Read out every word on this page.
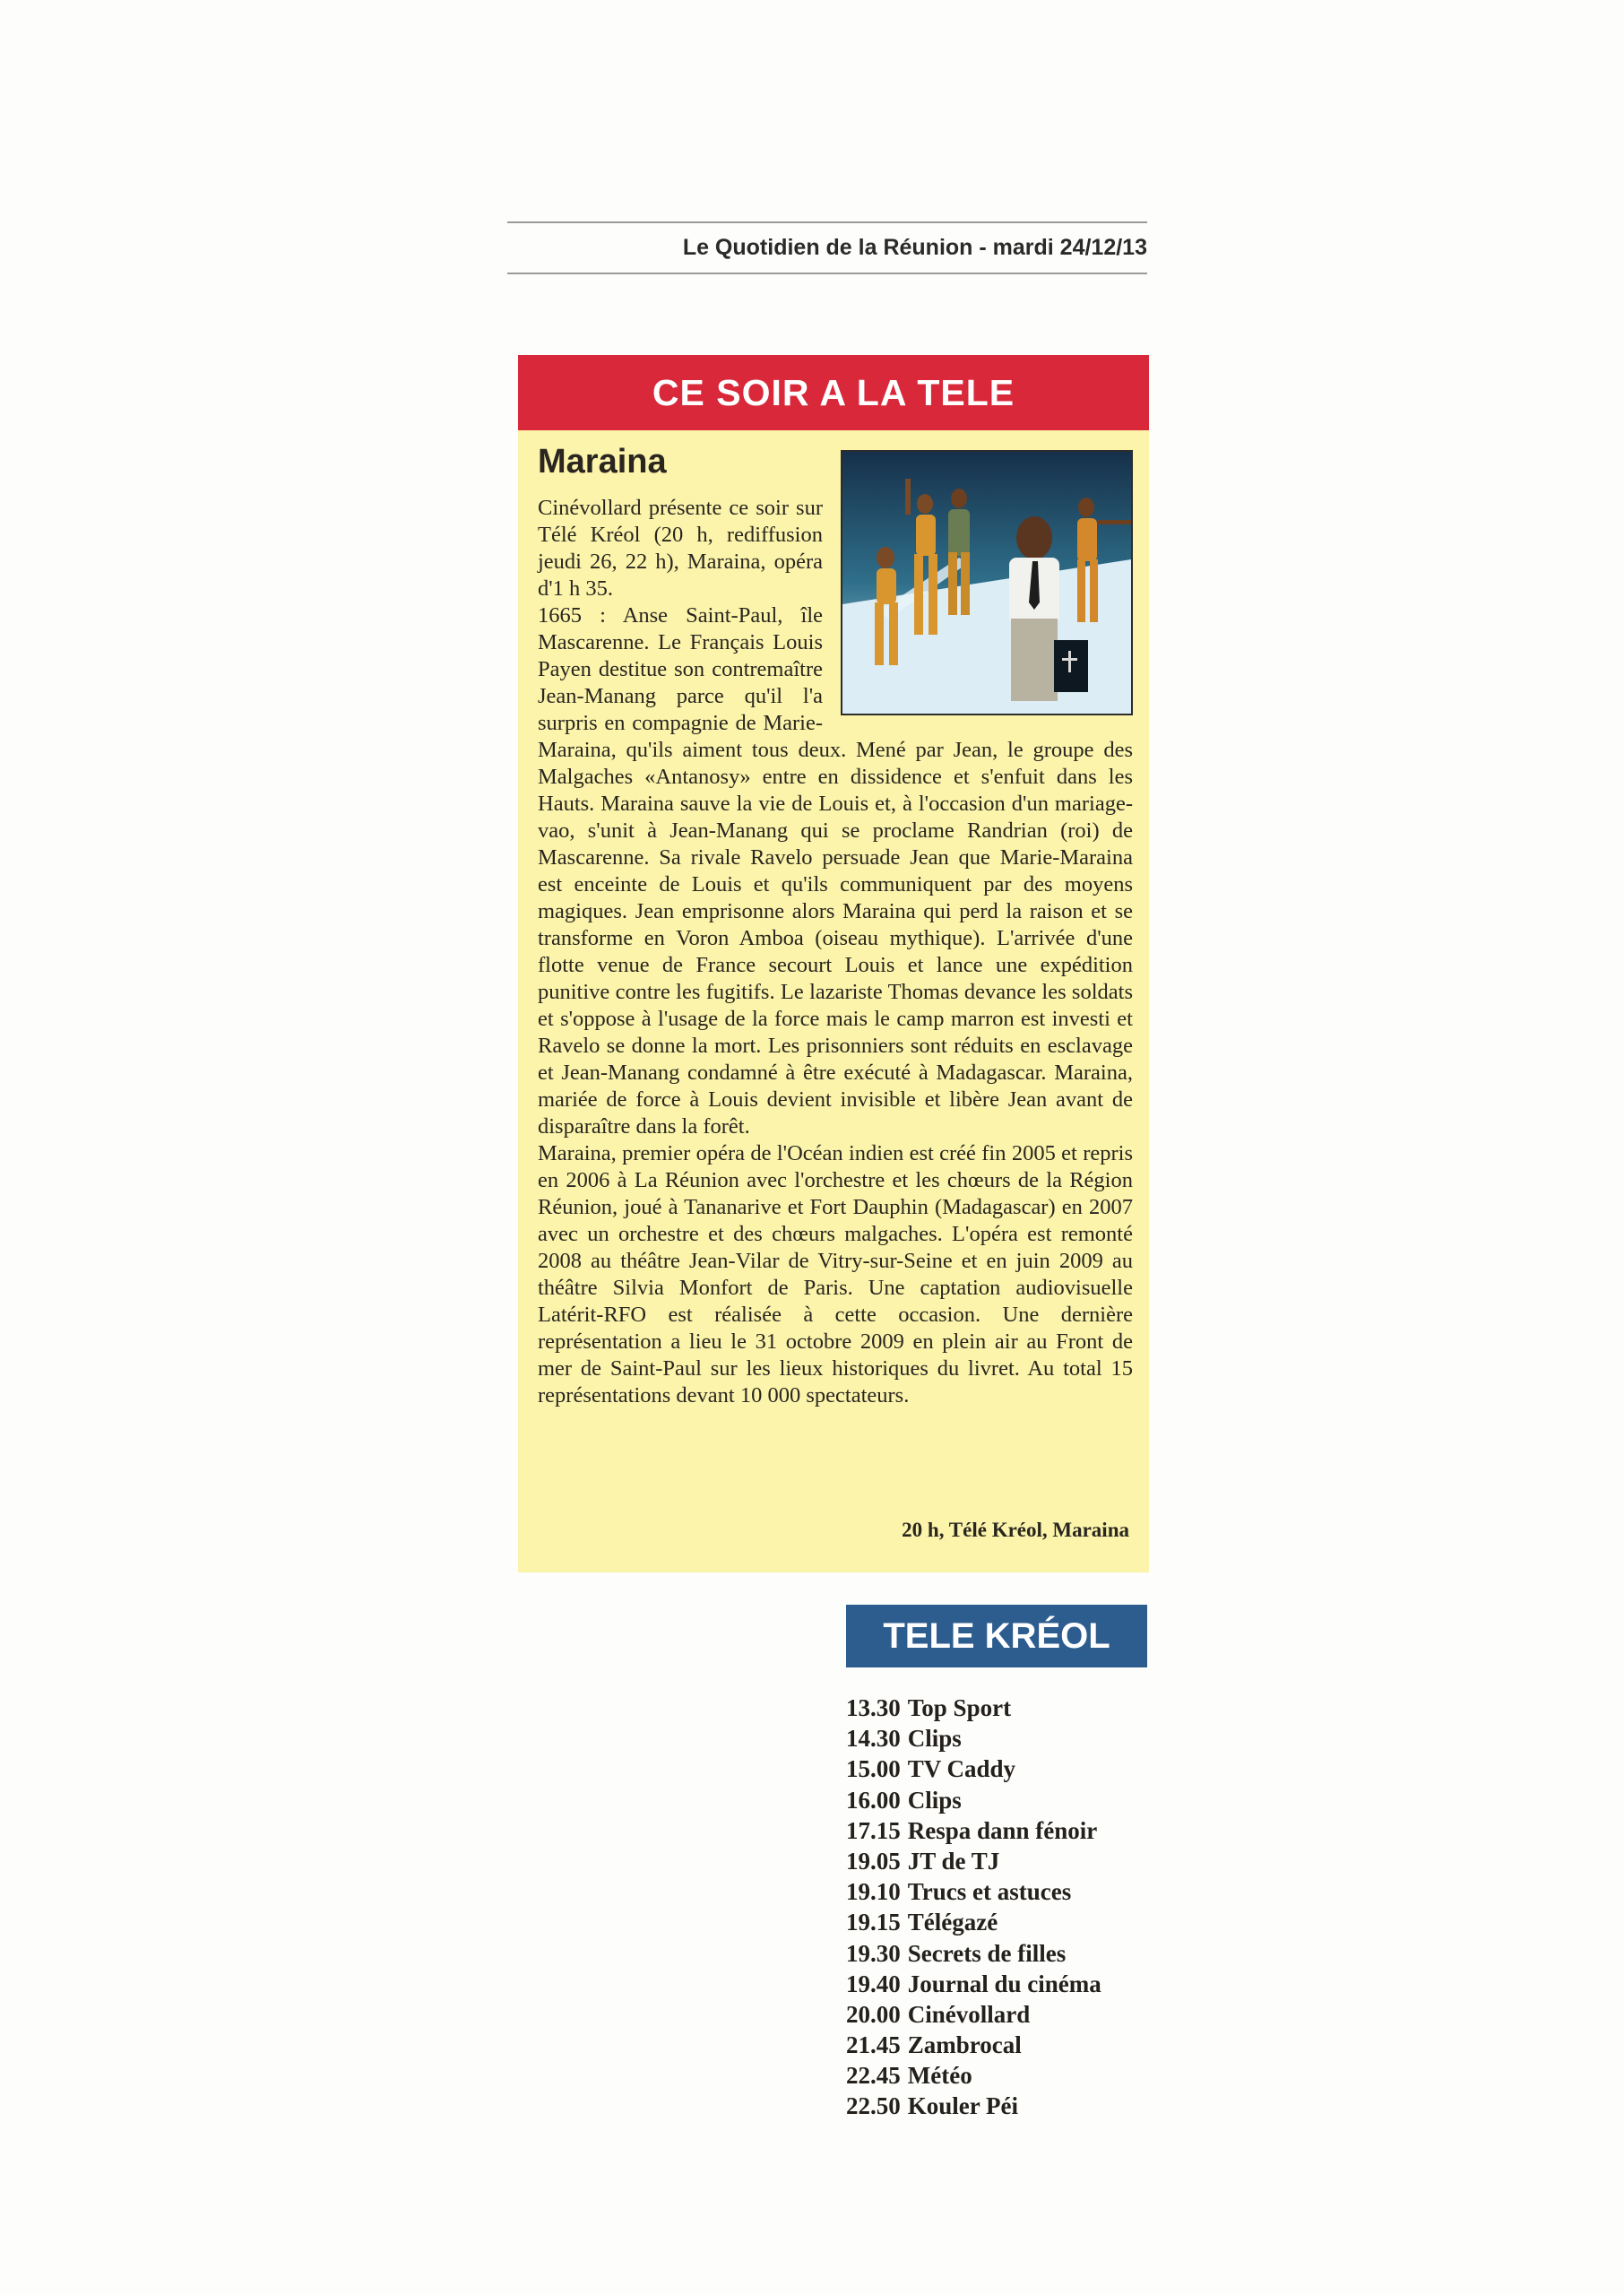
Le Quotidien de la Réunion - mardi 24/12/13
CE SOIR A LA TELE
Maraina

Cinévollard présente ce soir sur Télé Kréol (20 h, rediffusion jeudi 26, 22 h), Maraina, opéra d'1 h 35.

1665 : Anse Saint-Paul, île Mascarenne. Le Français Louis Payen destitue son contremaître Jean-Manang parce qu'il l'a surpris en compagnie de Marie-Maraina, qu'ils aiment tous deux. Mené par Jean, le groupe des Malgaches «Antanosy» entre en dissidence et s'enfuit dans les Hauts. Maraina sauve la vie de Louis et, à l'occasion d'un mariage-vao, s'unit à Jean-Manang qui se proclame Randrian (roi) de Mascarenne. Sa rivale Ravelo persuade Jean que Marie-Maraina est enceinte de Louis et qu'ils communiquent par des moyens magiques. Jean emprisonne alors Maraina qui perd la raison et se transforme en Voron Amboa (oiseau mythique). L'arrivée d'une flotte venue de France secourt Louis et lance une expédition punitive contre les fugitifs. Le lazariste Thomas devance les soldats et s'oppose à l'usage de la force mais le camp marron est investi et Ravelo se donne la mort. Les prisonniers sont réduits en esclavage et Jean-Manang condamné à être exécuté à Madagascar. Maraina, mariée de force à Louis devient invisible et libère Jean avant de disparaître dans la forêt.

Maraina, premier opéra de l'Océan indien est créé fin 2005 et repris en 2006 à La Réunion avec l'orchestre et les chœurs de la Région Réunion, joué à Tananarive et Fort Dauphin (Madagascar) en 2007 avec un orchestre et des chœurs malgaches. L'opéra est remonté 2008 au théâtre Jean-Vilar de Vitry-sur-Seine et en juin 2009 au théâtre Silvia Monfort de Paris. Une captation audiovisuelle Latérit-RFO est réalisée à cette occasion. Une dernière représentation a lieu le 31 octobre 2009 en plein air au Front de mer de Saint-Paul sur les lieux historiques du livret. Au total 15 représentations devant 10 000 spectateurs.

20 h, Télé Kréol, Maraina
TELE KRÉOL
13.30 Top Sport
14.30 Clips
15.00 TV Caddy
16.00 Clips
17.15 Respa dann fénoir
19.05 JT de TJ
19.10 Trucs et astuces
19.15 Télégazé
19.30 Secrets de filles
19.40 Journal du cinéma
20.00 Cinévollard
21.45 Zambrocal
22.45 Météo
22.50 Kouler Péi
